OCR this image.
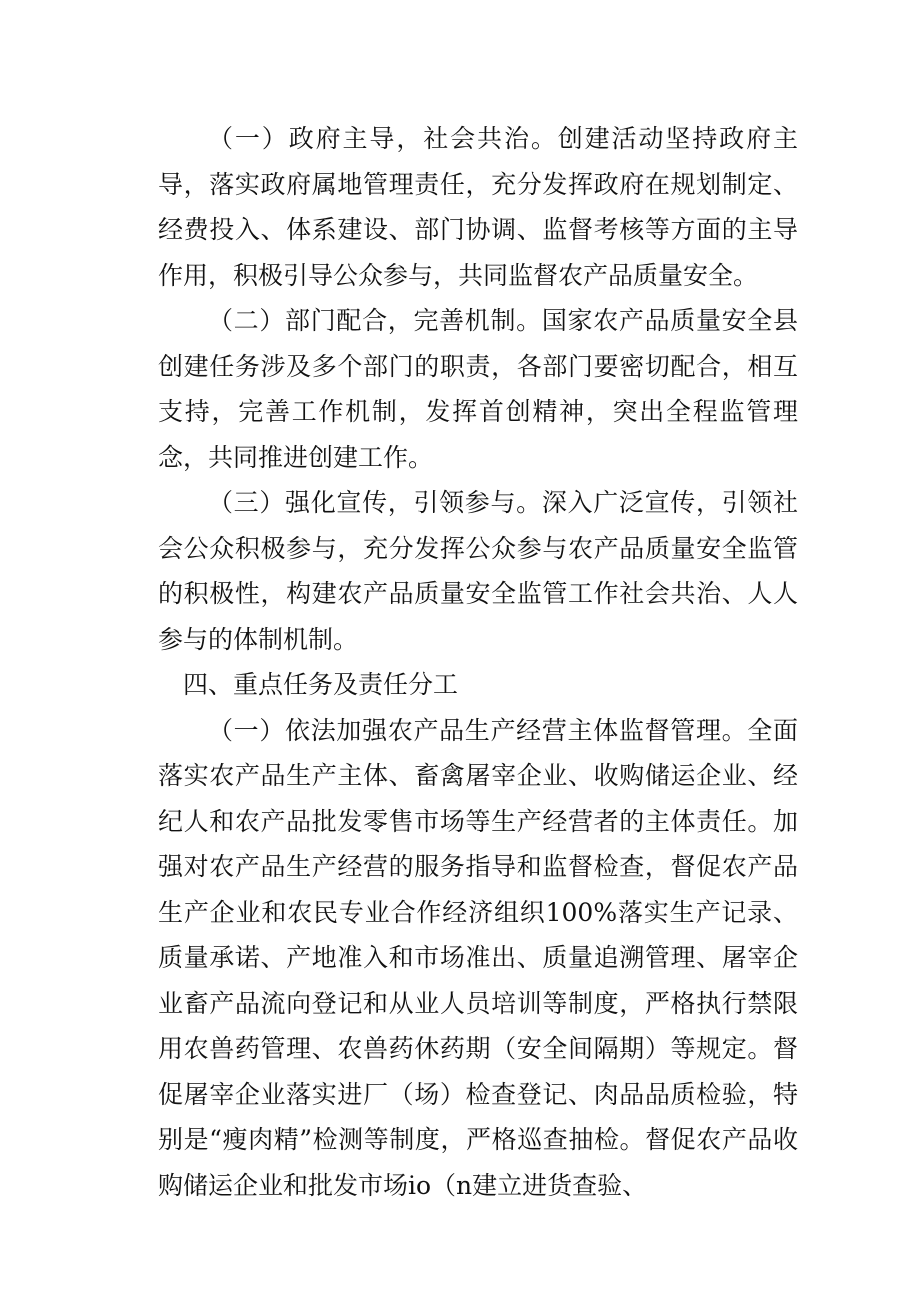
（一）政府主导，社会共治。创建活动坚持政府主导，落实政府属地管理责任，充分发挥政府在规划制定、经费投入、体系建设、部门协调、监督考核等方面的主导作用，积极引导公众参与，共同监督农产品质量安全。

（二）部门配合，完善机制。国家农产品质量安全县创建任务涉及多个部门的职责，各部门要密切配合，相互支持，完善工作机制，发挥首创精神，突出全程监管理念，共同推进创建工作。

（三）强化宣传，引领参与。深入广泛宣传，引领社会公众积极参与，充分发挥公众参与农产品质量安全监管的积极性，构建农产品质量安全监管工作社会共治、人人参与的体制机制。

四、重点任务及责任分工

（一）依法加强农产品生产经营主体监督管理。全面落实农产品生产主体、畜禽屠宰企业、收购储运企业、经纪人和农产品批发零售市场等生产经营者的主体责任。加强对农产品生产经营的服务指导和监督检查，督促农产品生产企业和农民专业合作经济组织100%落实生产记录、质量承诺、产地准入和市场准出、质量追溯管理、屠宰企业畜产品流向登记和从业人员培训等制度，严格执行禁限用农兽药管理、农兽药休药期（安全间隔期）等规定。督促屠宰企业落实进厂（场）检查登记、肉品品质检验，特别是“瘦肉精”检测等制度，严格巡查抽检。督促农产品收购储运企业和批发市场io（n建立进货查验、
